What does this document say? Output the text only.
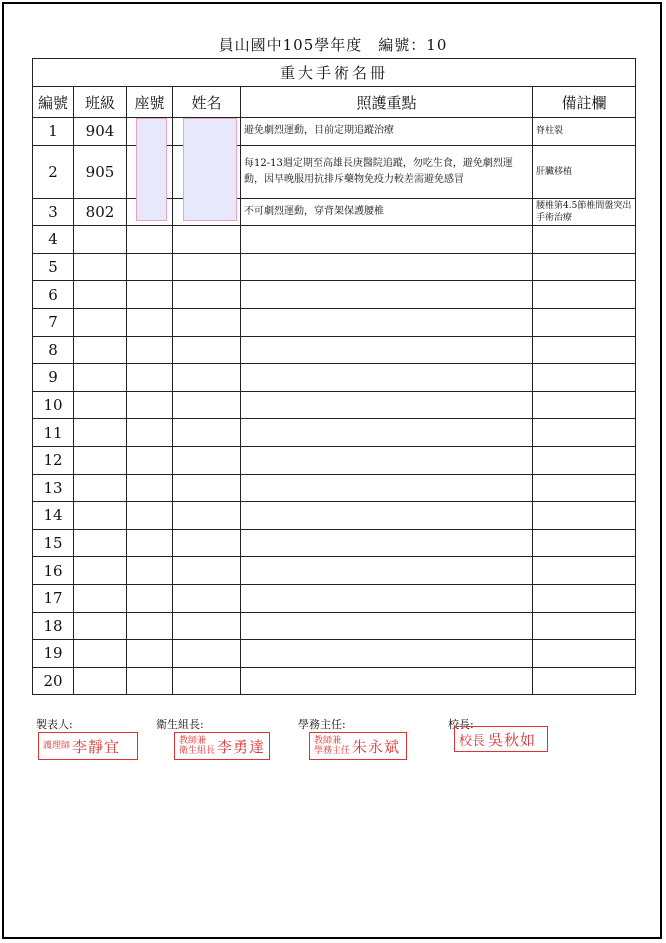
員山國中105學年度　編號：10
重大手術名冊					
編號	班級	座號	姓名	照護重點	備註欄
1	904			避免劇烈運動，目前定期追蹤治療	脊柱裂
2	905			每12-13週定期至高雄長庚醫院追蹤，勿吃生食，避免劇烈運動，因早晚服用抗排斥藥物免疫力較差需避免感冒	肝臟移植
3	802			不可劇烈運動，穿背架保護腰椎	腰椎第4.5節椎間盤突出手術治療
4					
5					
6					
7					
8					
9					
10					
11					
12					
13					
14					
15					
16					
17					
18					
19					
20					
製表人:
護理師 李靜宜
衛生組長:
教師兼
衛生組長 李勇達
學務主任:
教師兼
學務主任 朱永斌
校長:
校長 吳秋如
